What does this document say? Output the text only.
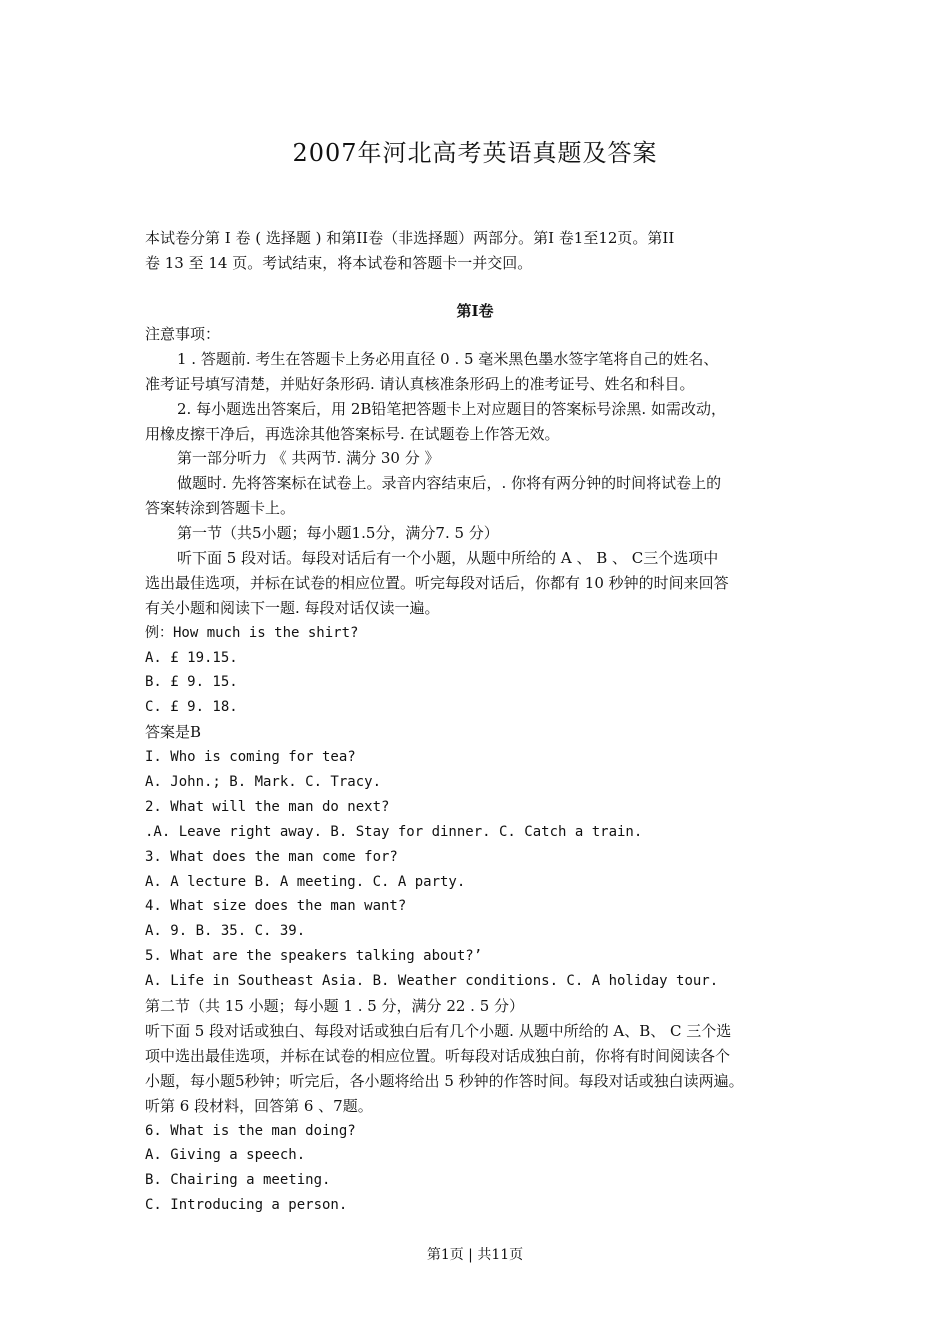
2007年河北高考英语真题及答案

本试卷分第 I 卷 ( 选择题 ) 和第II卷（非选择题）两部分。第I 卷1至12页。第II

卷 13 至 14 页。考试结束，将本试卷和答题卡一并交回。

第I卷
注意事项：
1 . 答题前. 考生在答题卡上务必用直径 0 . 5 毫米黑色墨水签字笔将自己的姓名、
准考证号填写清楚，并贴好条形码. 请认真核准条形码上的准考证号、姓名和科目。
2. 每小题选出答案后，用 2B铅笔把答题卡上对应题目的答案标号涂黑. 如需改动，
用橡皮擦干净后，再选涂其他答案标号. 在试题卷上作答无效。
第一部分听力 《 共两节. 满分 30 分 》
做题时. 先将答案标在试卷上。录音内容结束后，. 你将有两分钟的时间将试卷上的
答案转涂到答题卡上。
第一节（共5小题；每小题1.5分，满分7. 5 分）
听下面 5 段对话。每段对话后有一个小题，从题中所给的 A 、 B 、 C三个选项中
选出最佳选项，并标在试卷的相应位置。听完每段对话后，你都有 10 秒钟的时间来回答
有关小题和阅读下一题. 每段对话仅读一遍。
例：How much is the shirt?
A. £ 19.15.
B. £ 9. 15.
C. £ 9. 18.
答案是B
I. Who is coming for tea?
A. John.; B. Mark. C. Tracy.
2. What will the man do next?
.A. Leave right away. B. Stay for dinner. C. Catch a train.
3. What does the man come for?
A. A lecture B. A meeting. C. A party.
4. What size does the man want?
A. 9. B. 35. C. 39.
5. What are the speakers talking about?’
A. Life in Southeast Asia. B. Weather conditions. C. A holiday tour.
第二节（共 15 小题；每小题 1 . 5 分，满分 22 . 5 分）
听下面 5 段对话或独白、每段对话或独白后有几个小题. 从题中所给的 A、B、 C 三个选
项中选出最佳选项，并标在试卷的相应位置。听每段对话成独白前，你将有时间阅读各个
小题，每小题5秒钟；听完后，各小题将给出 5 秒钟的作答时间。每段对话或独白读两遍。
听第 6 段材料，回答第 6 、7题。
6. What is the man doing?
A. Giving a speech.
B. Chairing a meeting.
C. Introducing a person.
第1页 | 共11页
